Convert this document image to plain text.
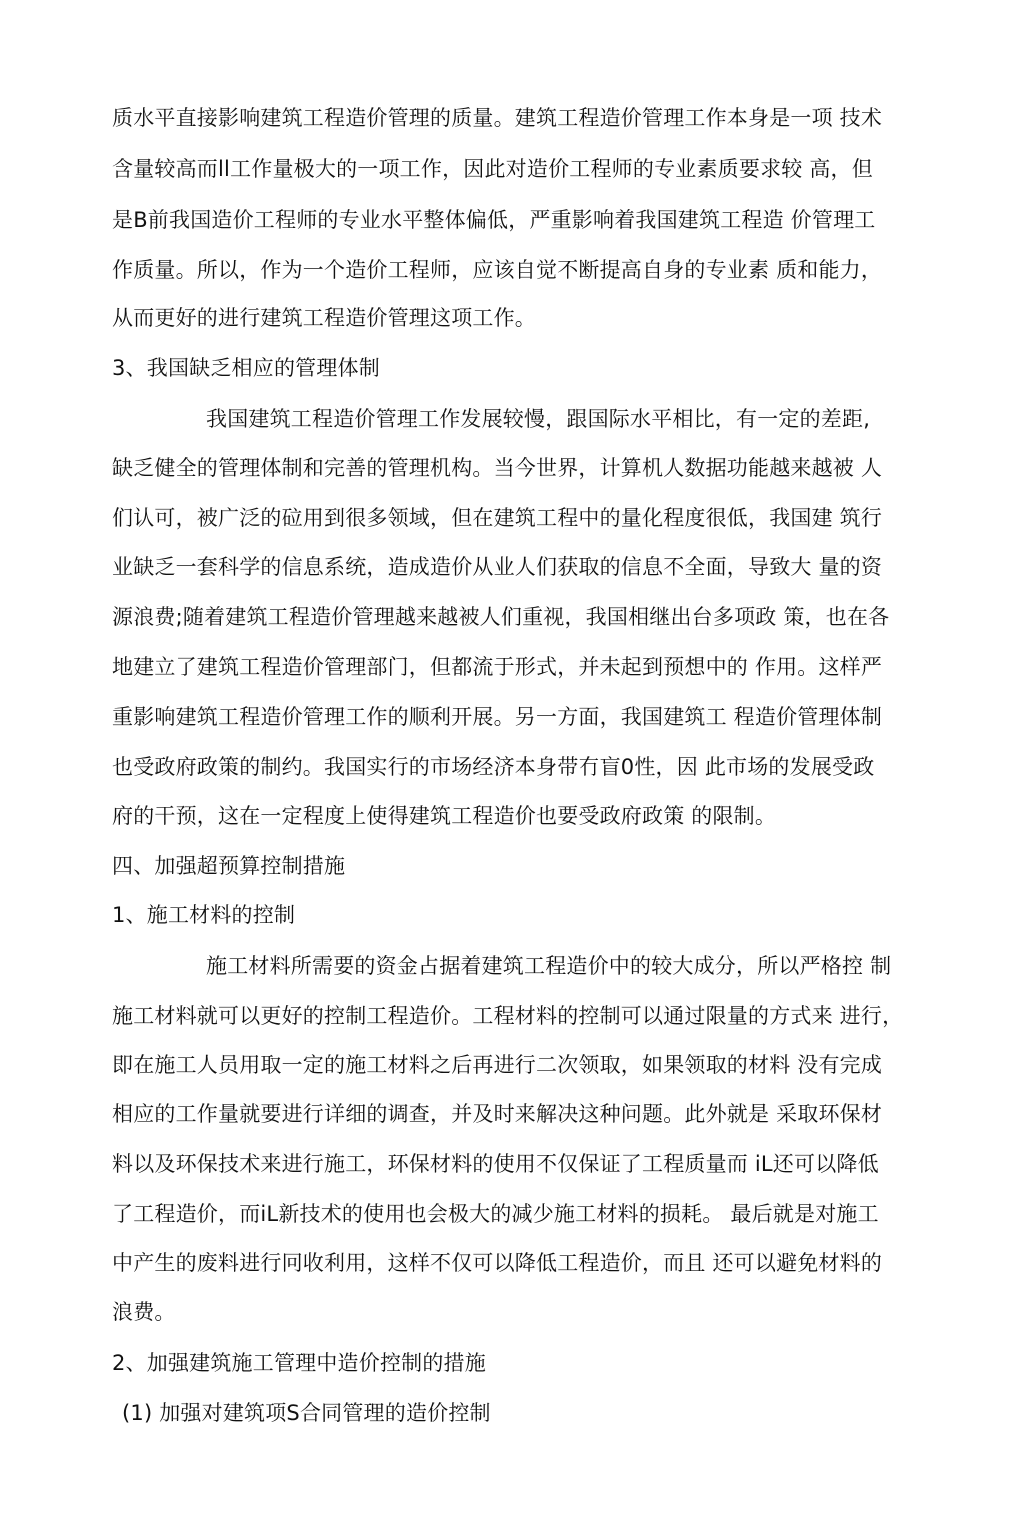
质水平直接影响建筑工程造价管理的质量。建筑工程造价管理工作本身是一项 技术
含量较高而ll工作量极大的一项工作，因此对造价工程师的专业素质要求较 高，但
是B前我国造价工程师的专业水平整体偏低，严重影响着我国建筑工程造 价管理工
作质量。所以，作为一个造价工程师，应该自觉不断提高自身的专业素 质和能力，
从而更好的进行建筑工程造价管理这项工作。
3、我国缺乏相应的管理体制
我国建筑工程造价管理工作发展较慢，跟国际水平相比，有一定的差距,
缺乏健全的管理体制和完善的管理机构。当今世界，计算机人数据功能越来越被 人
们认可，被广泛的砬用到很多领域，但在建筑工程中的量化程度很低，我国建 筑行
业缺乏一套科学的信息系统，造成造价从业人们获取的信息不全面，导致大 量的资
源浪费;随着建筑工程造价管理越来越被人们重视，我国相继出台多项政 策，也在各
地建立了建筑工程造价管理部门，但都流于形式，并未起到预想中的 作用。这样严
重影响建筑工程造价管理工作的顺利开展。另一方面，我国建筑工 程造价管理体制
也受政府政策的制约。我国实行的市场经济本身带冇盲0性，因 此市场的发展受政
府的干预，这在一定程度上使得建筑工程造价也要受政府政策 的限制。
四、加强超预算控制措施
1、施工材料的控制
施工材料所需要的资金占据着建筑工程造价中的较大成分，所以严格控 制
施工材料就可以更好的控制工程造价。工程材料的控制可以通过限量的方式来 进行，
即在施工人员用取一定的施工材料之后再进行二次领取，如果领取的材料 没有完成
相应的工作量就要进行详细的调查，并及时来解决这种问题。此外就是 采取环保材
料以及环保技术来进行施工，环保材料的使用不仅保证了工程质量而 iL还可以降低
了工程造价，而iL新技术的使用也会极大的减少施工材料的损耗。 最后就是对施工
中产生的废料进行冋收利用，这样不仅可以降低工程造价，而且 还可以避免材料的
浪费。
2、加强建筑施工管理中造价控制的措施
(1) 加强对建筑项S合同管理的造价控制
